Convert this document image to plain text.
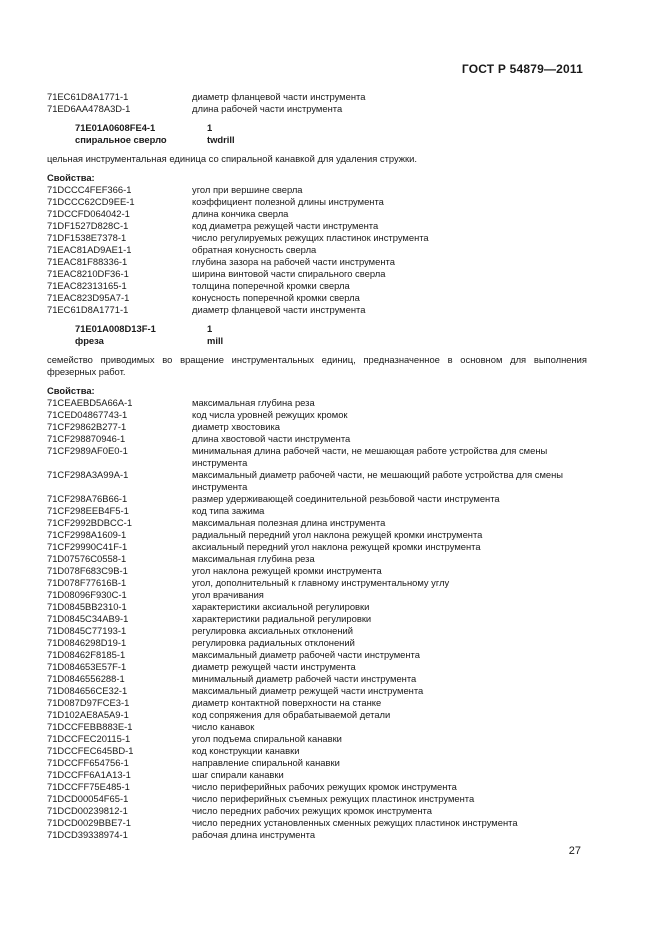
ГОСТ Р 54879—2011
71EC61D8A1771-1	диаметр фланцевой части инструмента
71ED6AA478A3D-1	длина рабочей части инструмента
71E01A0608FE4-1	1
спиральное сверло	twdrill
цельная инструментальная единица со спиральной канавкой для удаления стружки.
Свойства:
71DCCC4FEF366-1	угол при вершине сверла
71DCCC62CD9EE-1	коэффициент полезной длины инструмента
71DCCFD064042-1	длина кончика сверла
71DF1527D828C-1	код диаметра режущей части инструмента
71DF1538E7378-1	число регулируемых режущих пластинок инструмента
71EAC81AD9AE1-1	обратная конусность сверла
71EAC81F88336-1	глубина зазора на рабочей части инструмента
71EAC8210DF36-1	ширина винтовой части спирального сверла
71EAC82313165-1	толщина поперечной кромки сверла
71EAC823D95A7-1	конусность поперечной кромки сверла
71EC61D8A1771-1	диаметр фланцевой части инструмента
71E01A008D13F-1	1
фреза	mill
семейство приводимых во вращение инструментальных единиц, предназначенное в основном для выполнения фрезерных работ.
Свойства:
71CEAEBD5A66A-1	максимальная глубина реза
71CED04867743-1	код числа уровней режущих кромок
71CF29862B277-1	диаметр хвостовика
71CF298870946-1	длина хвостовой части инструмента
71CF2989AF0E0-1	минимальная длина рабочей части, не мешающая работе устройства для смены инструмента
71CF298A3A99A-1	максимальный диаметр рабочей части, не мешающий работе устройства для смены инструмента
71CF298A76B66-1	размер удерживающей соединительной резьбовой части инструмента
71CF298EEB4F5-1	код типа зажима
71CF2992BDBCC-1	максимальная полезная длина инструмента
71CF2998A1609-1	радиальный передний угол наклона режущей кромки инструмента
71CF29990C41F-1	аксиальный передний угол наклона режущей кромки инструмента
71D07576C0558-1	максимальная глубина реза
71D078F683C9B-1	угол наклона режущей кромки инструмента
71D078F77616B-1	угол, дополнительный к главному инструментальному углу
71D08096F930C-1	угол врачивания
71D0845BB2310-1	характеристики аксиальной регулировки
71D0845C34AB9-1	характеристики радиальной регулировки
71D0845C77193-1	регулировка аксиальных отклонений
71D0846298D19-1	регулировка радиальных отклонений
71D08462F8185-1	максимальный диаметр рабочей части инструмента
71D084653E57F-1	диаметр режущей части инструмента
71D0846556288-1	минимальный диаметр рабочей части инструмента
71D084656CE32-1	максимальный диаметр режущей части инструмента
71D087D97FCE3-1	диаметр контактной поверхности на станке
71D102AE8A5A9-1	код сопряжения для обрабатываемой детали
71DCCFEBB883E-1	число канавок
71DCCFEC20115-1	угол подъема спиральной канавки
71DCCFEC645BD-1	код конструкции канавки
71DCCFF654756-1	направление спиральной канавки
71DCCFF6A1A13-1	шаг спирали канавки
71DCCFF75E485-1	число периферийных рабочих режущих кромок инструмента
71DCD00054F65-1	число периферийных съемных режущих пластинок инструмента
71DCD00239812-1	число передних рабочих режущих кромок инструмента
71DCD0029BBE7-1	число передних установленных сменных режущих пластинок инструмента
71DCD39338974-1	рабочая длина инструмента
27
